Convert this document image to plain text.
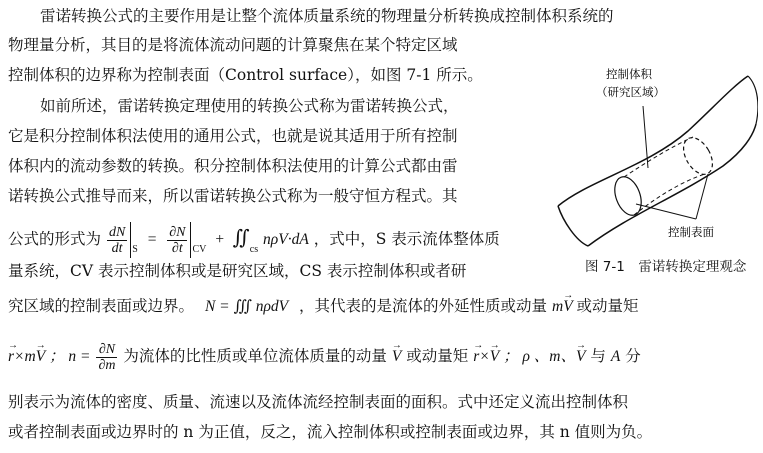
雷诺转换公式的主要作用是让整个流体质量系统的物理量分析转换成控制体积系统的
物理量分析，其目的是将流体流动问题的计算聚焦在某个特定区域
控制体积的边界称为控制表面（Control surface），如图 7-1 所示。
如前所述，雷诺转换定理使用的转换公式称为雷诺转换公式，
它是积分控制体积法使用的通用公式，也就是说其适用于所有控制
体积内的流动参数的转换。积分控制体积法使用的计算公式都由雷
诺转换公式推导而来，所以雷诺转换公式称为一般守恒方程式。其
公式的形式为 $\frac{dN}{dt} _S = \frac{\partial N}{\partial t} _{CV}$ + $∬_{cs}$ nρV·dA ，式中，S 表示流体整体质
量系统，CV 表示控制体积或是研究区域，CS 表示控制体积或者研
究区域的控制表面或边界。 N = ∭ nρdV ，其代表的是流体的外延性质或动量 mV → 或动量矩
r →×mV → ； $n = \frac{\partial N}{\partial m}$ 为流体的比性质或单位流体质量的动量 V → 或动量矩 r →×V → ； ρ 、m、V → 与 A 分
别表示为流体的密度、质量、流速以及流体流经控制表面的面积。式中还定义流出控制体积
或者控制表面或边界时的 n 为正值，反之，流入控制体积或控制表面或边界，其 n 值则为负。
控制体积
（研究区域）
控制表面
图 7-1　雷诺转换定理观念
